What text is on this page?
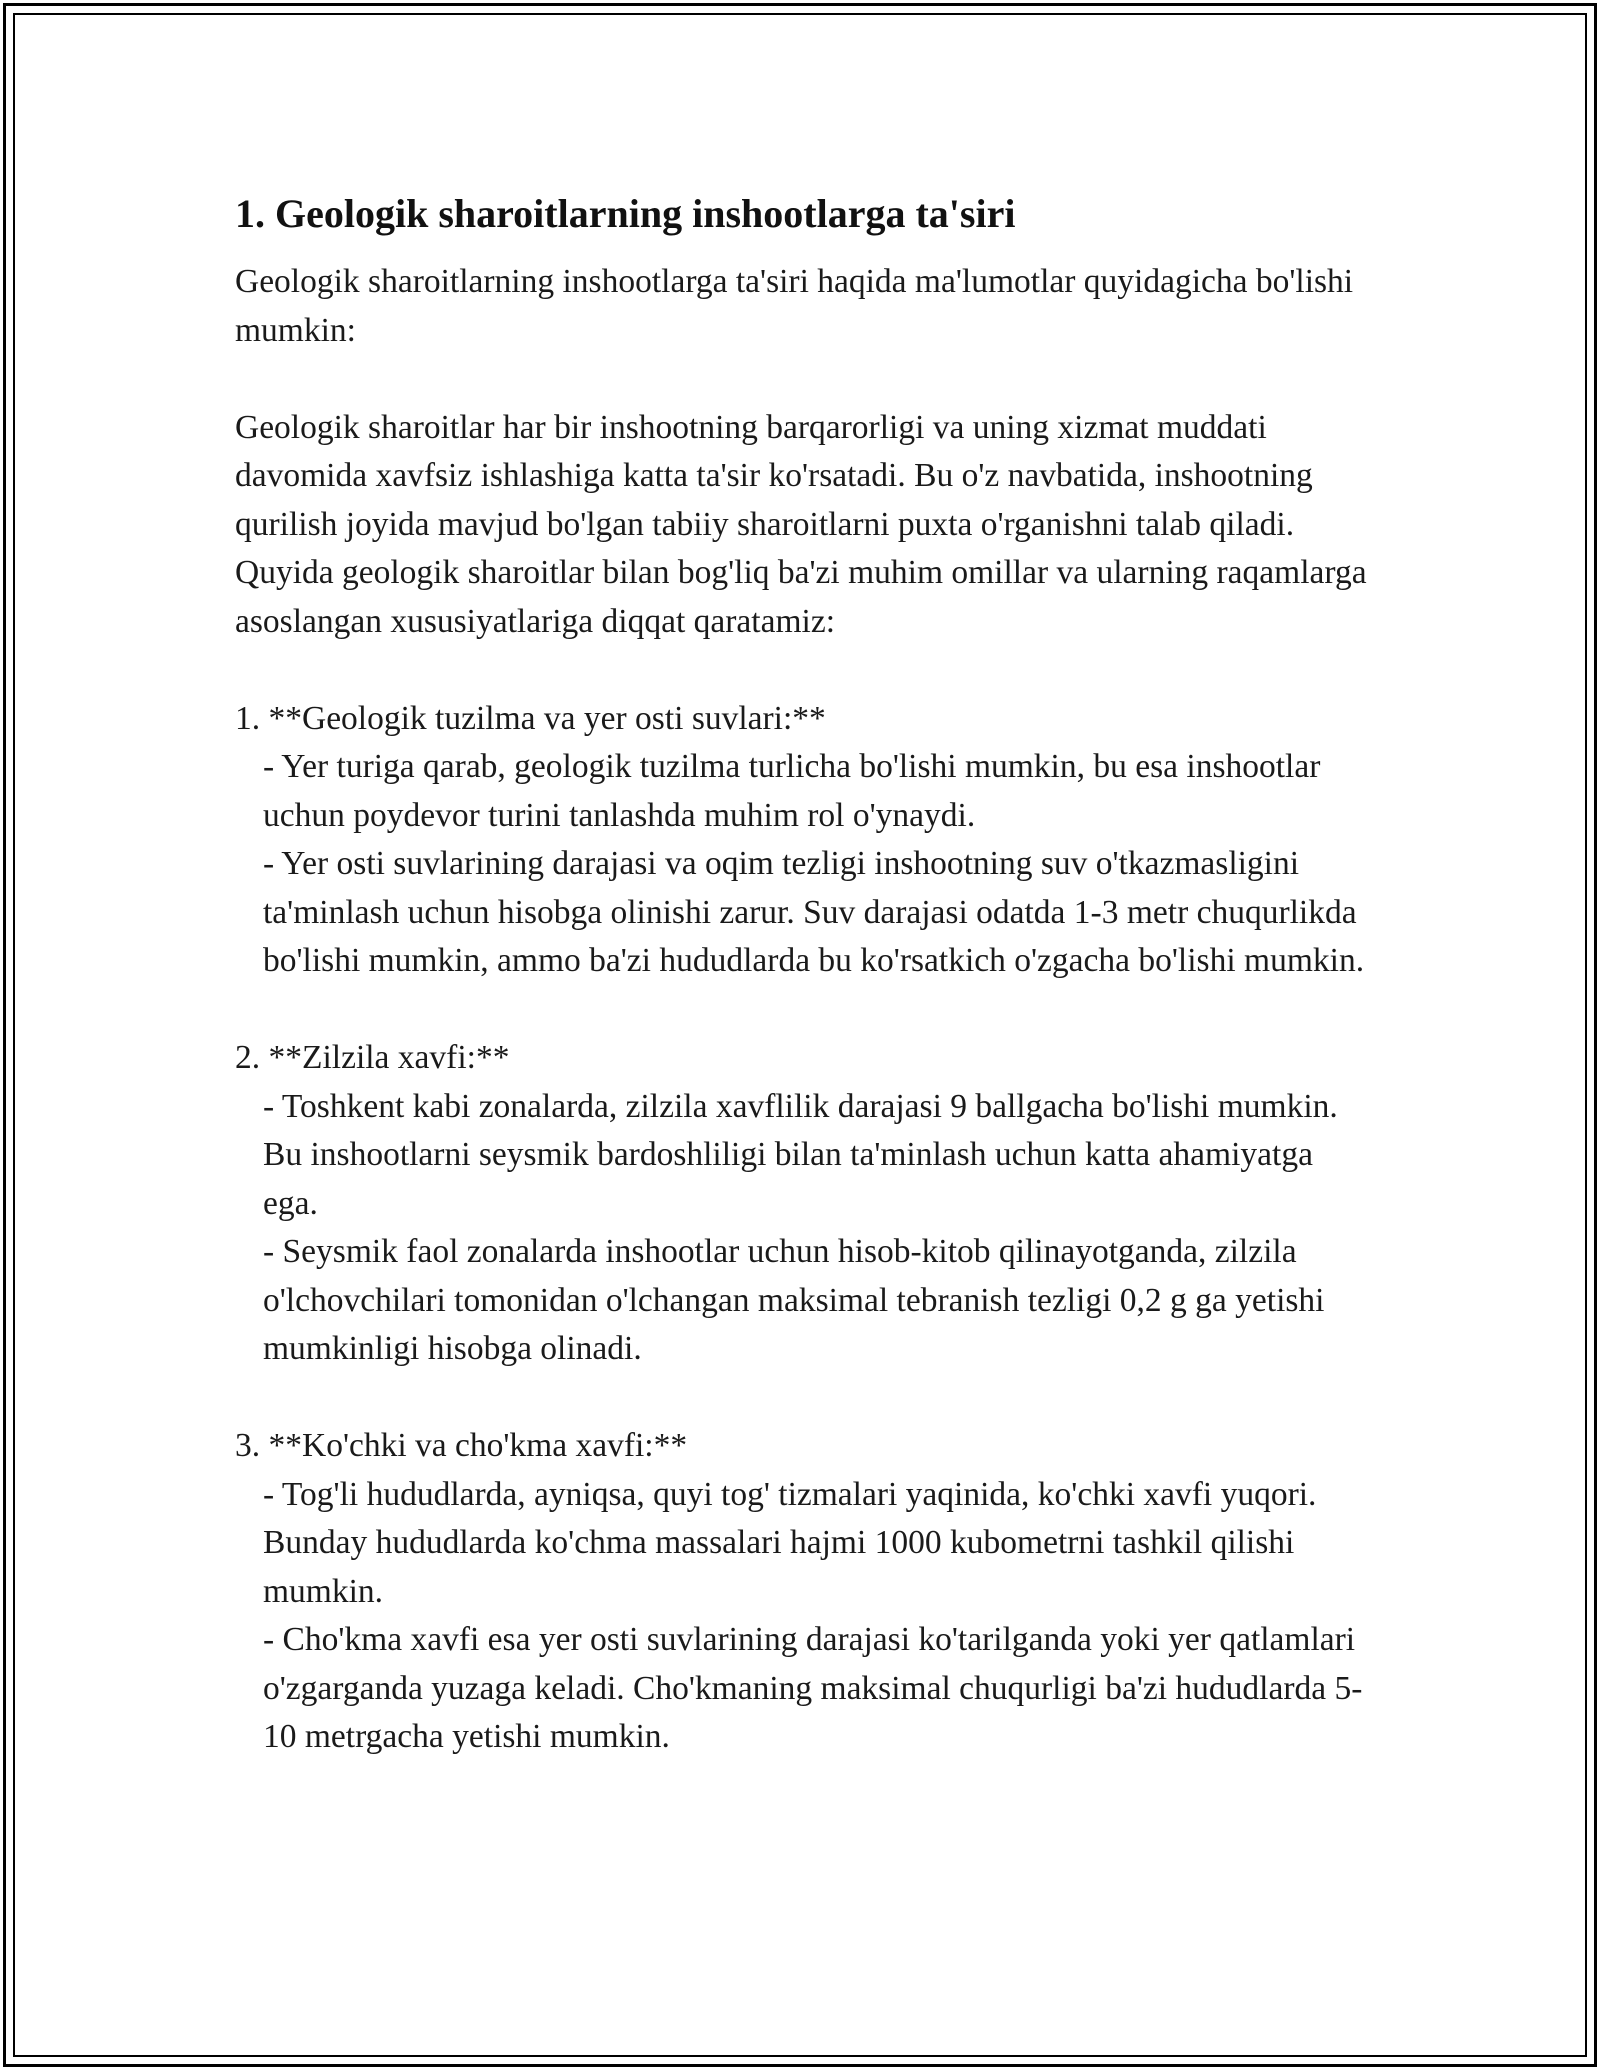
1. Geologik sharoitlarning inshootlarga ta'siri

Geologik sharoitlarning inshootlarga ta'siri haqida ma'lumotlar quyidagicha bo'lishi mumkin:

Geologik sharoitlar har bir inshootning barqarorligi va uning xizmat muddati davomida xavfsiz ishlashiga katta ta'sir ko'rsatadi. Bu o'z navbatida, inshootning qurilish joyida mavjud bo'lgan tabiiy sharoitlarni puxta o'rganishni talab qiladi. Quyida geologik sharoitlar bilan bog'liq ba'zi muhim omillar va ularning raqamlarga asoslangan xususiyatlariga diqqat qaratamiz:

1. **Geologik tuzilma va yer osti suvlari:**
- Yer turiga qarab, geologik tuzilma turlicha bo'lishi mumkin, bu esa inshootlar uchun poydevor turini tanlashda muhim rol o'ynaydi.
- Yer osti suvlarining darajasi va oqim tezligi inshootning suv o'tkazmasligini ta'minlash uchun hisobga olinishi zarur. Suv darajasi odatda 1-3 metr chuqurlikda bo'lishi mumkin, ammo ba'zi hududlarda bu ko'rsatkich o'zgacha bo'lishi mumkin.
2. **Zilzila xavfi:**
- Toshkent kabi zonalarda, zilzila xavflilik darajasi 9 ballgacha bo'lishi mumkin. Bu inshootlarni seysmik bardoshliligi bilan ta'minlash uchun katta ahamiyatga ega.
- Seysmik faol zonalarda inshootlar uchun hisob-kitob qilinayotganda, zilzila o'lchovchilari tomonidan o'lchangan maksimal tebranish tezligi 0,2 g ga yetishi mumkinligi hisobga olinadi.
3. **Ko'chki va cho'kma xavfi:**
- Tog'li hududlarda, ayniqsa, quyi tog' tizmalari yaqinida, ko'chki xavfi yuqori. Bunday hududlarda ko'chma massalari hajmi 1000 kubometrni tashkil qilishi mumkin.
- Cho'kma xavfi esa yer osti suvlarining darajasi ko'tarilganda yoki yer qatlamlari o'zgarganda yuzaga keladi. Cho'kmaning maksimal chuqurligi ba'zi hududlarda 5-10 metrgacha yetishi mumkin.
